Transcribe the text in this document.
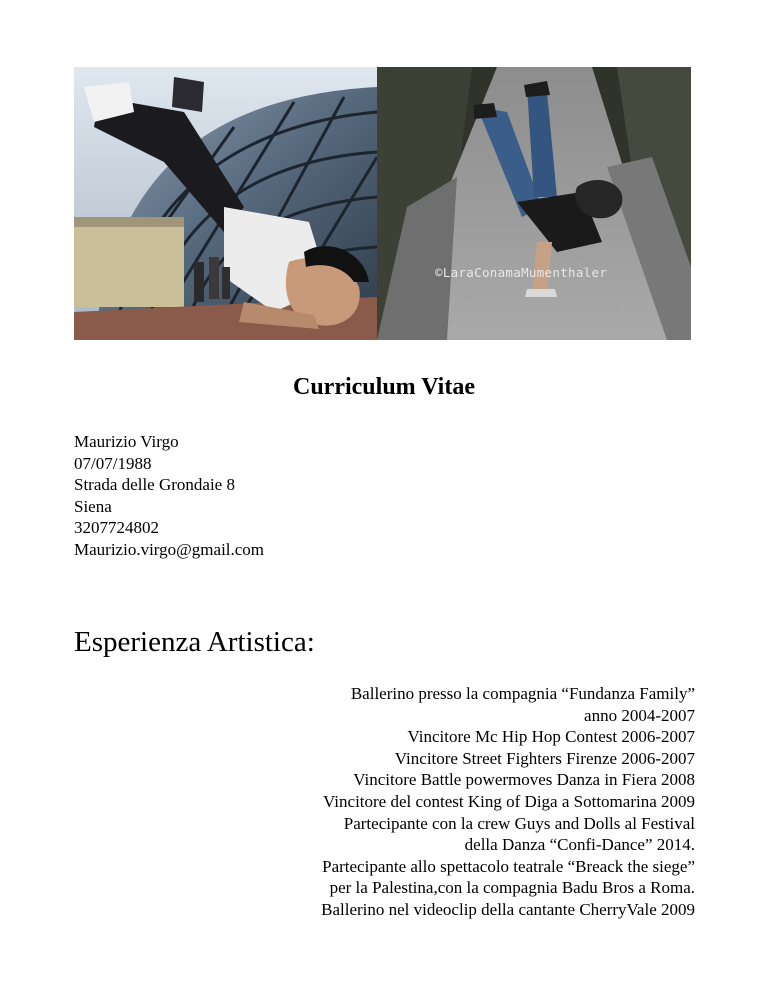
©LaraConamaMumenthaler
Curriculum Vitae
Maurizio Virgo
07/07/1988
Strada delle Grondaie 8
Siena
3207724802
Maurizio.virgo@gmail.com
Esperienza Artistica:
Ballerino presso la compagnia “Fundanza Family”
anno 2004-2007
Vincitore Mc Hip Hop Contest 2006-2007
Vincitore Street Fighters Firenze 2006-2007
Vincitore Battle powermoves Danza in Fiera 2008
Vincitore del contest King of Diga a Sottomarina 2009
Partecipante con la crew Guys and Dolls al Festival
della Danza “Confi-Dance” 2014.
Partecipante allo spettacolo teatrale “Breack the siege”
per la Palestina,con la compagnia Badu Bros a Roma.
Ballerino nel videoclip della cantante CherryVale 2009
